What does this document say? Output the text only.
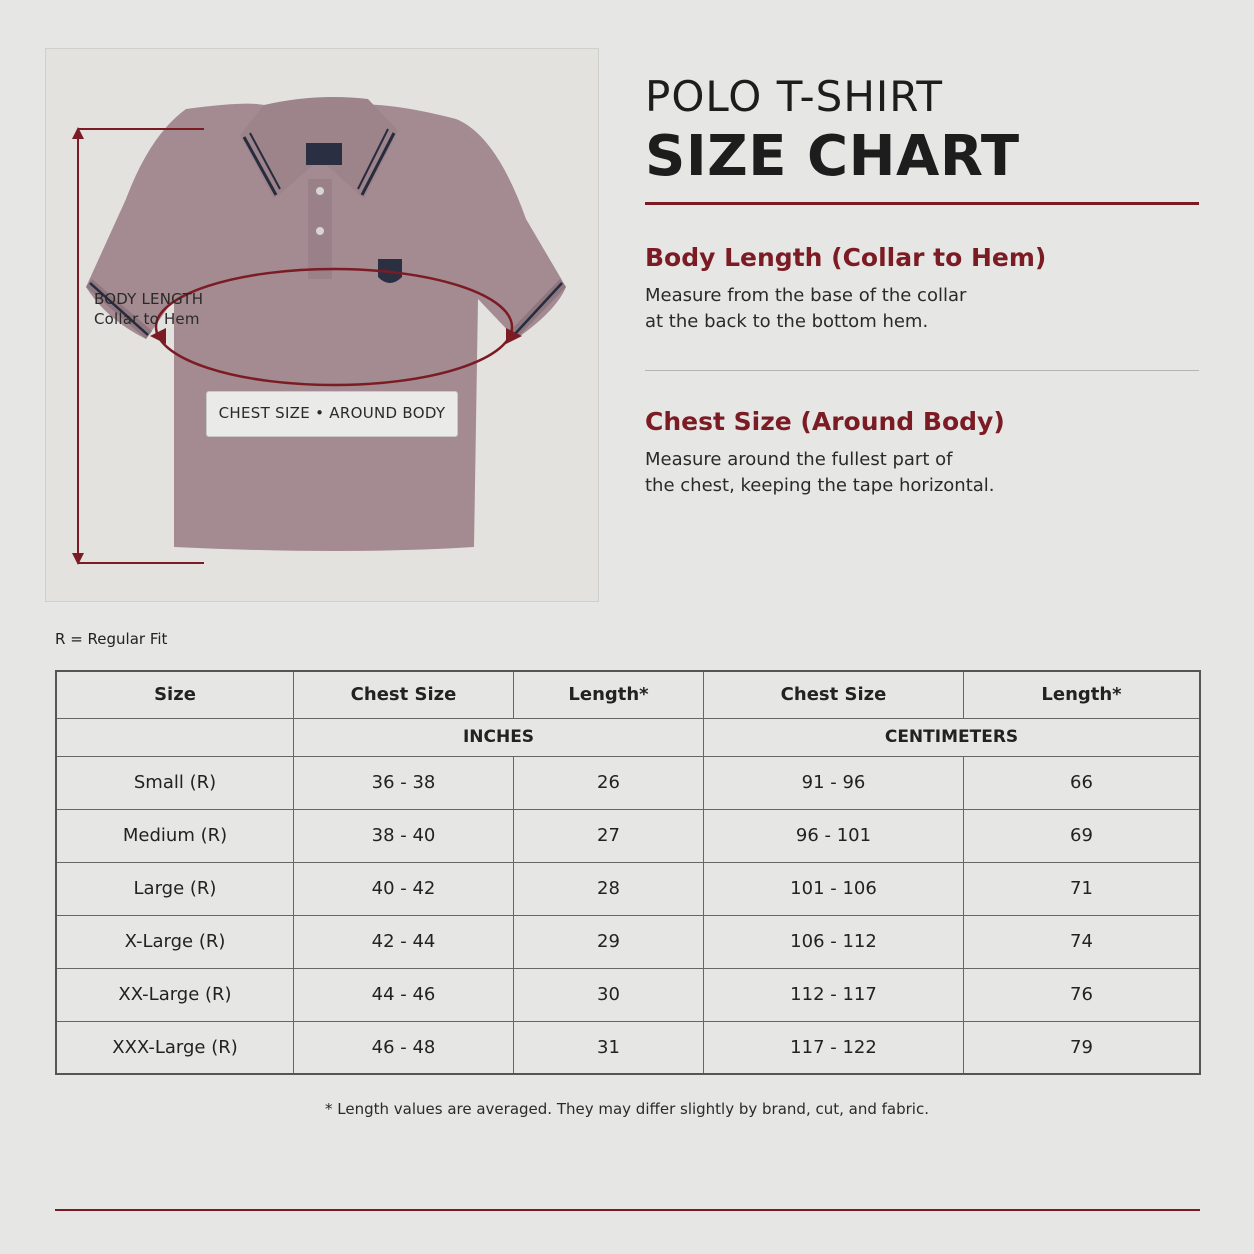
BODY LENGTH
Collar to Hem
CHEST SIZE • AROUND BODY
POLO T-SHIRT
SIZE CHART
Body Length (Collar to Hem)

Measure from the base of the collar
at the back to the bottom hem.

Chest Size (Around Body)

Measure around the fullest part of
the chest, keeping the tape horizontal.

R = Regular Fit
Size	Chest Size	Length*	Chest Size	Length*
	INCHES		CENTIMETERS	
Small (R)	36 - 38	26	91 - 96	66
Medium (R)	38 - 40	27	96 - 101	69
Large (R)	40 - 42	28	101 - 106	71
X-Large (R)	42 - 44	29	106 - 112	74
XX-Large (R)	44 - 46	30	112 - 117	76
XXX-Large (R)	46 - 48	31	117 - 122	79
* Length values are averaged. They may differ slightly by brand, cut, and fabric.
